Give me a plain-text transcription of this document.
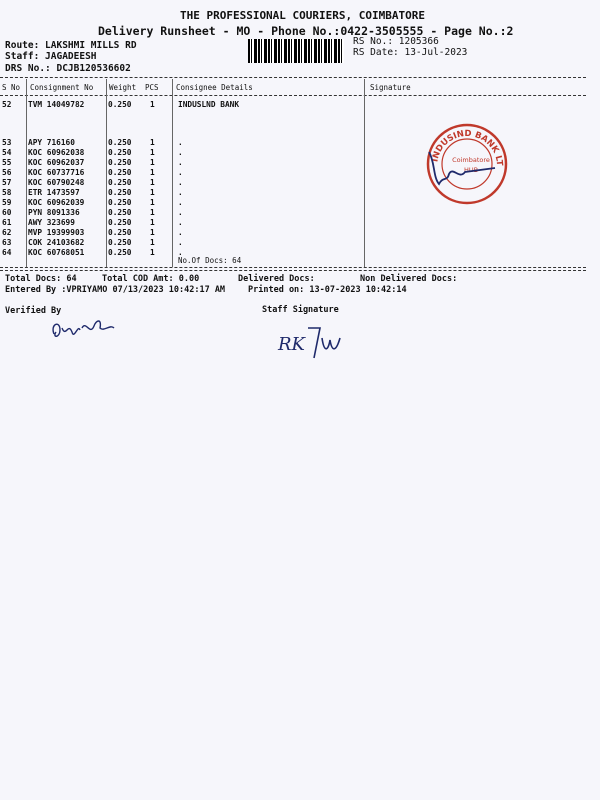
THE PROFESSIONAL COURIERS, COIMBATORE
Delivery Runsheet - MO - Phone No.:0422-3505555 - Page No.:2
Route: LAKSHMI MILLS RD
Staff: JAGADEESH
DRS No.: DCJB120536602
RS No.: 1205366
RS Date: 13-Jul-2023
S No Consignment No Weight PCS Consignee Details	Signature
52 TVM 14049782	0.250 1	INDUSLND BANK
53 APY 716160	0.250 1	.
54 KOC 60962038	0.250 1	.
55 KOC 60962037	0.250 1	.
56 KOC 60737716	0.250 1	.
57 KOC 60790248	0.250 1	.
58 ETR 1473597	0.250 1	.
59 KOC 60962039	0.250 1	.
60 PYN 8091336	0.250 1	.
61 AWY 323699	0.250 1	.
62 MVP 19399903	0.250 1	.
63 COK 24103682	0.250 1	.
64 KOC 60768051	0.250 1	.
No.Of Docs: 64
INDUSIND BANK LT
Coimbatore
HUB
Total Docs: 64	Total COD Amt: 0.00	Delivered Docs:	Non Delivered Docs:
Entered By :VPRIYAMO 07/13/2023 10:42:17 AM	Printed on: 13-07-2023 10:42:14
Verified By	Staff Signature
RK
